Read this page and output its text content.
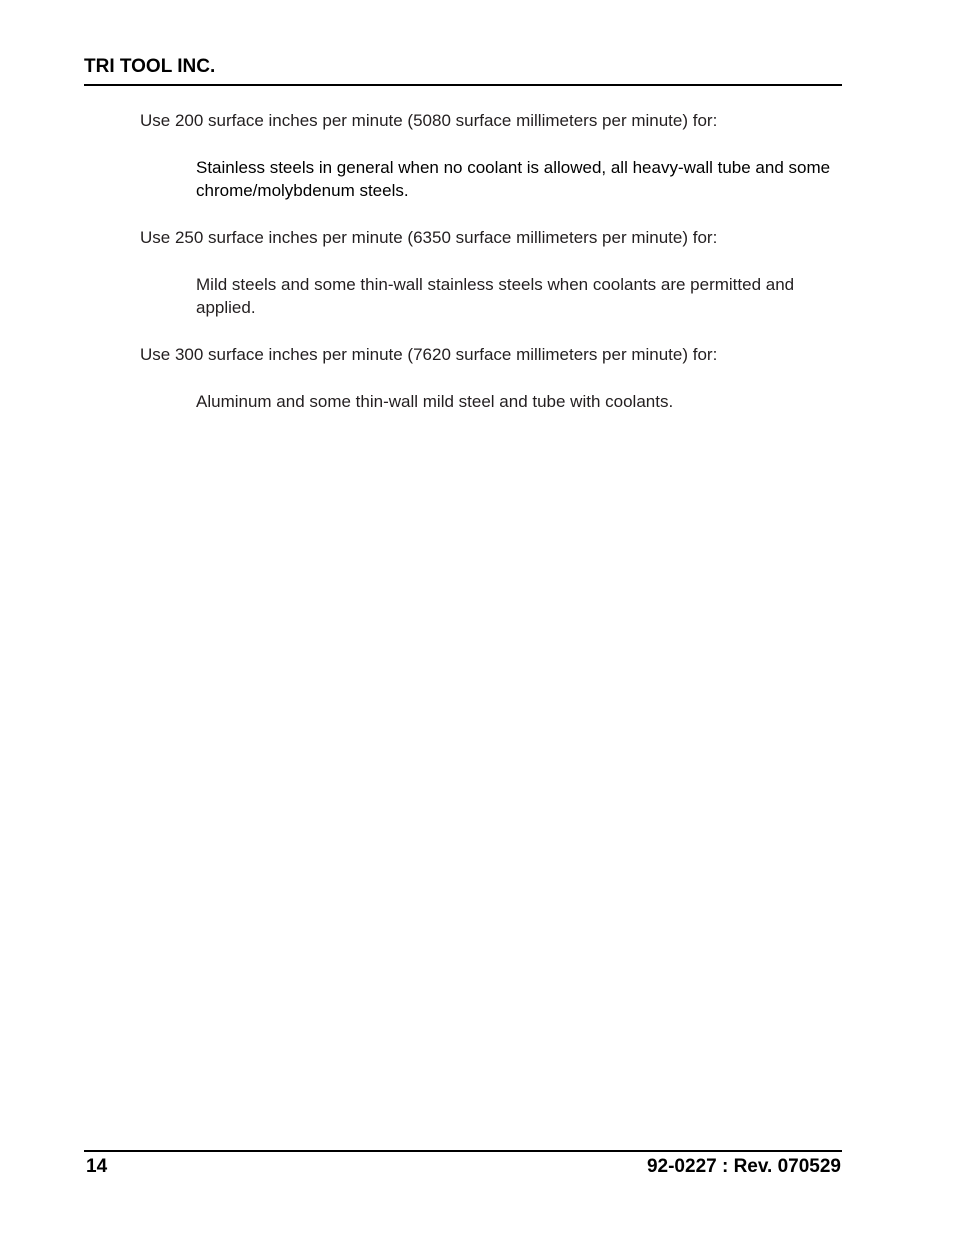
TRI TOOL INC.
Use 200 surface inches per minute (5080 surface millimeters per minute) for:
Stainless steels in general when no coolant is allowed, all heavy-wall tube and some chrome/molybdenum steels.
Use 250 surface inches per minute (6350 surface millimeters per minute) for:
Mild steels and some thin-wall stainless steels when coolants are permitted and applied.
Use 300 surface inches per minute (7620 surface millimeters per minute) for:
Aluminum and some thin-wall mild steel and tube with coolants.
14	92-0227 : Rev. 070529
